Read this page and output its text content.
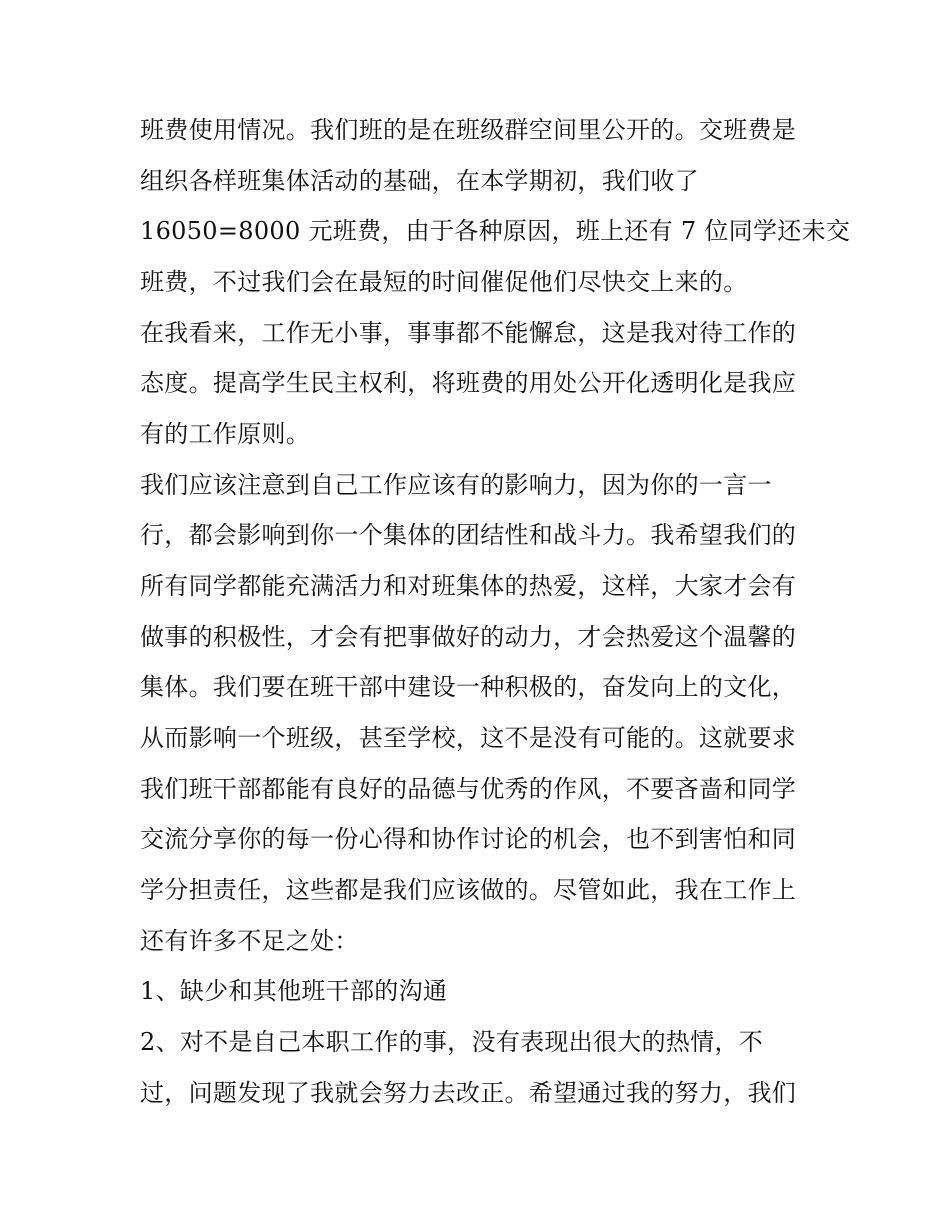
班费使用情况。我们班的是在班级群空间里公开的。交班费是
组织各样班集体活动的基础，在本学期初，我们收了
16050=8000 元班费，由于各种原因，班上还有 7 位同学还未交
班费，不过我们会在最短的时间催促他们尽快交上来的。
在我看来，工作无小事，事事都不能懈怠，这是我对待工作的
态度。提高学生民主权利，将班费的用处公开化透明化是我应
有的工作原则。
我们应该注意到自己工作应该有的影响力，因为你的一言一
行，都会影响到你一个集体的团结性和战斗力。我希望我们的
所有同学都能充满活力和对班集体的热爱，这样，大家才会有
做事的积极性，才会有把事做好的动力，才会热爱这个温馨的
集体。我们要在班干部中建设一种积极的，奋发向上的文化，
从而影响一个班级，甚至学校，这不是没有可能的。这就要求
我们班干部都能有良好的品德与优秀的作风，不要吝啬和同学
交流分享你的每一份心得和协作讨论的机会，也不到害怕和同
学分担责任，这些都是我们应该做的。尽管如此，我在工作上
还有许多不足之处：
1、缺少和其他班干部的沟通
2、对不是自己本职工作的事，没有表现出很大的热情，不
过，问题发现了我就会努力去改正。希望通过我的努力，我们
